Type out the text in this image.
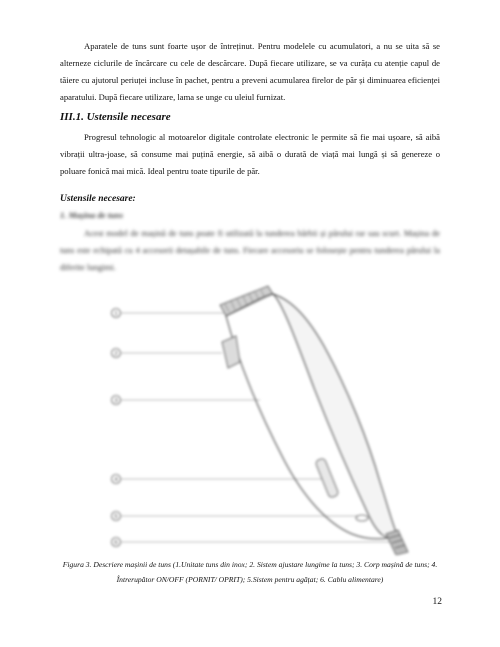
Aparatele de tuns sunt foarte ușor de întreținut. Pentru modelele cu acumulatori, a nu se uita să se alterneze ciclurile de încărcare cu cele de descărcare. După fiecare utilizare, se va curăța cu atenție capul de tăiere cu ajutorul periuței incluse în pachet, pentru a preveni acumularea firelor de păr și diminuarea eficienței aparatului. După fiecare utilizare, lama se unge cu uleiul furnizat.

III.1. Ustensile necesare

Progresul tehnologic al motoarelor digitale controlate electronic le permite să fie mai ușoare, să aibă vibrații ultra-joase, să consume mai puțină energie, să aibă o durată de viață mai lungă și să genereze o poluare fonică mai mică. Ideal pentru toate tipurile de păr.

Ustensile necesare:

1. Mașina de tuns

Acest model de mașină de tuns poate fi utilizată la tunderea bărbii și părului rar sau scurt. Mașina de tuns este echipată cu 4 accesorii detașabile de tuns. Fiecare accesoriu se folosește pentru tunderea părului la diferite lungimi.

1
2
3
4
5
6

Figura 3. Descriere mașinii de tuns (1.Unitate tuns din inox; 2. Sistem ajustare lungime la tuns; 3. Corp mașină de tuns; 4. Întrerupător ON/OFF (PORNIT/ OPRIT); 5.Sistem pentru agățat; 6. Cablu alimentare)

12
